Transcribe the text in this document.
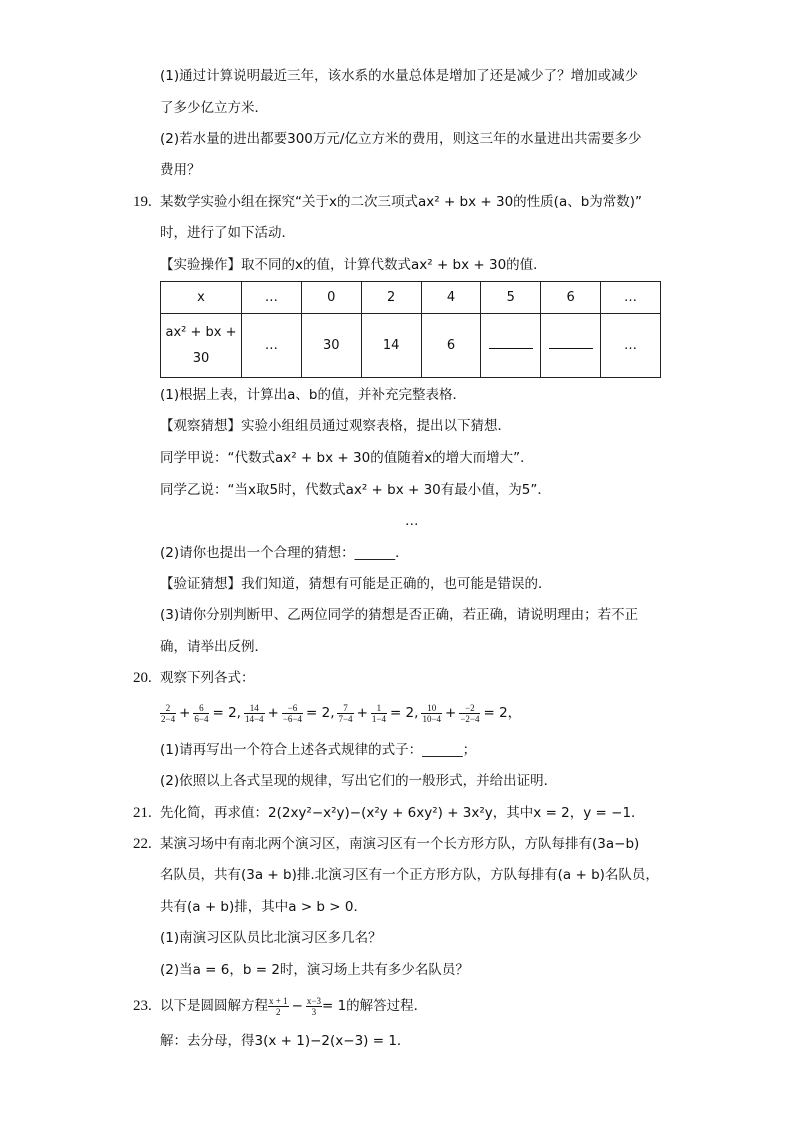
(1)通过计算说明最近三年，该水系的水量总体是增加了还是减少了？增加或减少
了多少亿立方米．
(2)若水量的进出都要300万元/亿立方米的费用，则这三年的水量进出共需要多少
费用？
19. 某数学实验小组在探究“关于x的二次三项式ax² + bx + 30的性质(a、b为常数)”
时，进行了如下活动．
【实验操作】取不同的x的值，计算代数式ax² + bx + 30的值．
x	…	0	2	4	5	6	…
ax² + bx +
30	…	30	14	6			…
(1)根据上表，计算出a、b的值，并补充完整表格．
【观察猜想】实验小组组员通过观察表格，提出以下猜想．
同学甲说：“代数式ax² + bx + 30的值随着x的增大而增大”．
同学乙说：“当x取5时，代数式ax² + bx + 30有最小值，为5”．
…
(2)请你也提出一个合理的猜想：______．
【验证猜想】我们知道，猜想有可能是正确的，也可能是错误的．
(3)请你分别判断甲、乙两位同学的猜想是否正确，若正确，请说明理由；若不正
确，请举出反例．
20. 观察下列各式：
$\frac{2}{2-4} + \frac{6}{6-4} = 2$, $\frac{14}{14-4} + \frac{-6}{-6-4} = 2$, $\frac{7}{7-4} + \frac{1}{1-4} = 2$, $\frac{10}{10-4} + \frac{-2}{-2-4} = 2$，
(1)请再写出一个符合上述各式规律的式子：______；
(2)依照以上各式呈现的规律，写出它们的一般形式，并给出证明．
21. 先化简，再求值：2(2xy²−x²y)−(x²y + 6xy²) + 3x²y，其中x = 2，y = −1．
22. 某演习场中有南北两个演习区，南演习区有一个长方形方队，方队每排有(3a−b)
名队员，共有(3a + b)排.北演习区有一个正方形方队，方队每排有(a + b)名队员，
共有(a + b)排，其中a > b > 0．
(1)南演习区队员比北演习区多几名？
(2)当a = 6，b = 2时，演习场上共有多少名队员？
23. 以下是圆圆解方程 $\frac{x + 1}{2} - \frac{x-3}{3} = 1$的解答过程．
解：去分母，得3(x + 1)−2(x−3) = 1．
